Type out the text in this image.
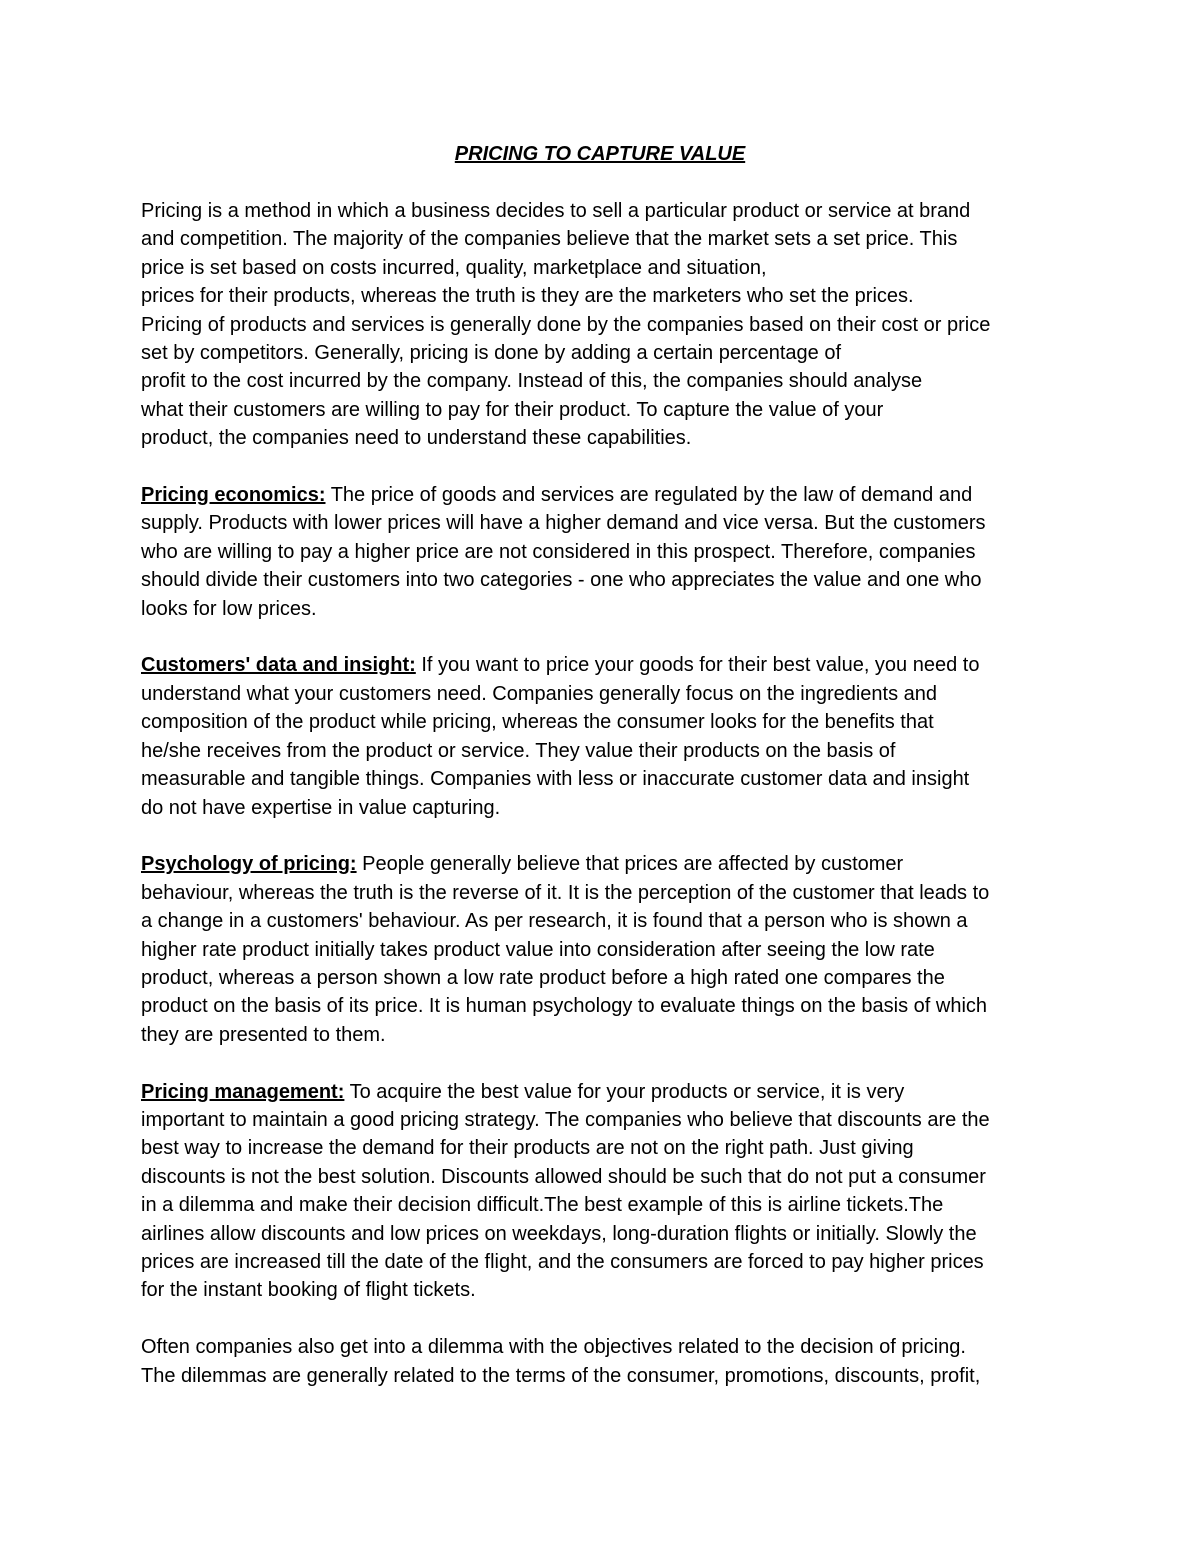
PRICING TO CAPTURE VALUE

Pricing is a method in which a business decides to sell a particular product or service at brand
and competition. The majority of the companies believe that the market sets a set price. This
price is set based on costs incurred, quality, marketplace and situation,
prices for their products, whereas the truth is they are the marketers who set the prices.
Pricing of products and services is generally done by the companies based on their cost or price
set by competitors. Generally, pricing is done by adding a certain percentage of
profit to the cost incurred by the company. Instead of this, the companies should analyse
what their customers are willing to pay for their product. To capture the value of your
product, the companies need to understand these capabilities.

Pricing economics: The price of goods and services are regulated by the law of demand and
supply. Products with lower prices will have a higher demand and vice versa. But the customers
who are willing to pay a higher price are not considered in this prospect. Therefore, companies
should divide their customers into two categories - one who appreciates the value and one who
looks for low prices.

Customers' data and insight: If you want to price your goods for their best value, you need to
understand what your customers need. Companies generally focus on the ingredients and
composition of the product while pricing, whereas the consumer looks for the benefits that
he/she receives from the product or service. They value their products on the basis of
measurable and tangible things. Companies with less or inaccurate customer data and insight
do not have expertise in value capturing.

Psychology of pricing: People generally believe that prices are affected by customer
behaviour, whereas the truth is the reverse of it. It is the perception of the customer that leads to
a change in a customers' behaviour. As per research, it is found that a person who is shown a
higher rate product initially takes product value into consideration after seeing the low rate
product, whereas a person shown a low rate product before a high rated one compares the
product on the basis of its price. It is human psychology to evaluate things on the basis of which
they are presented to them.

Pricing management: To acquire the best value for your products or service, it is very
important to maintain a good pricing strategy. The companies who believe that discounts are the
best way to increase the demand for their products are not on the right path. Just giving
discounts is not the best solution. Discounts allowed should be such that do not put a consumer
in a dilemma and make their decision difficult.The best example of this is airline tickets.The
airlines allow discounts and low prices on weekdays, long-duration flights or initially. Slowly the
prices are increased till the date of the flight, and the consumers are forced to pay higher prices
for the instant booking of flight tickets.

Often companies also get into a dilemma with the objectives related to the decision of pricing.
The dilemmas are generally related to the terms of the consumer, promotions, discounts, profit,
